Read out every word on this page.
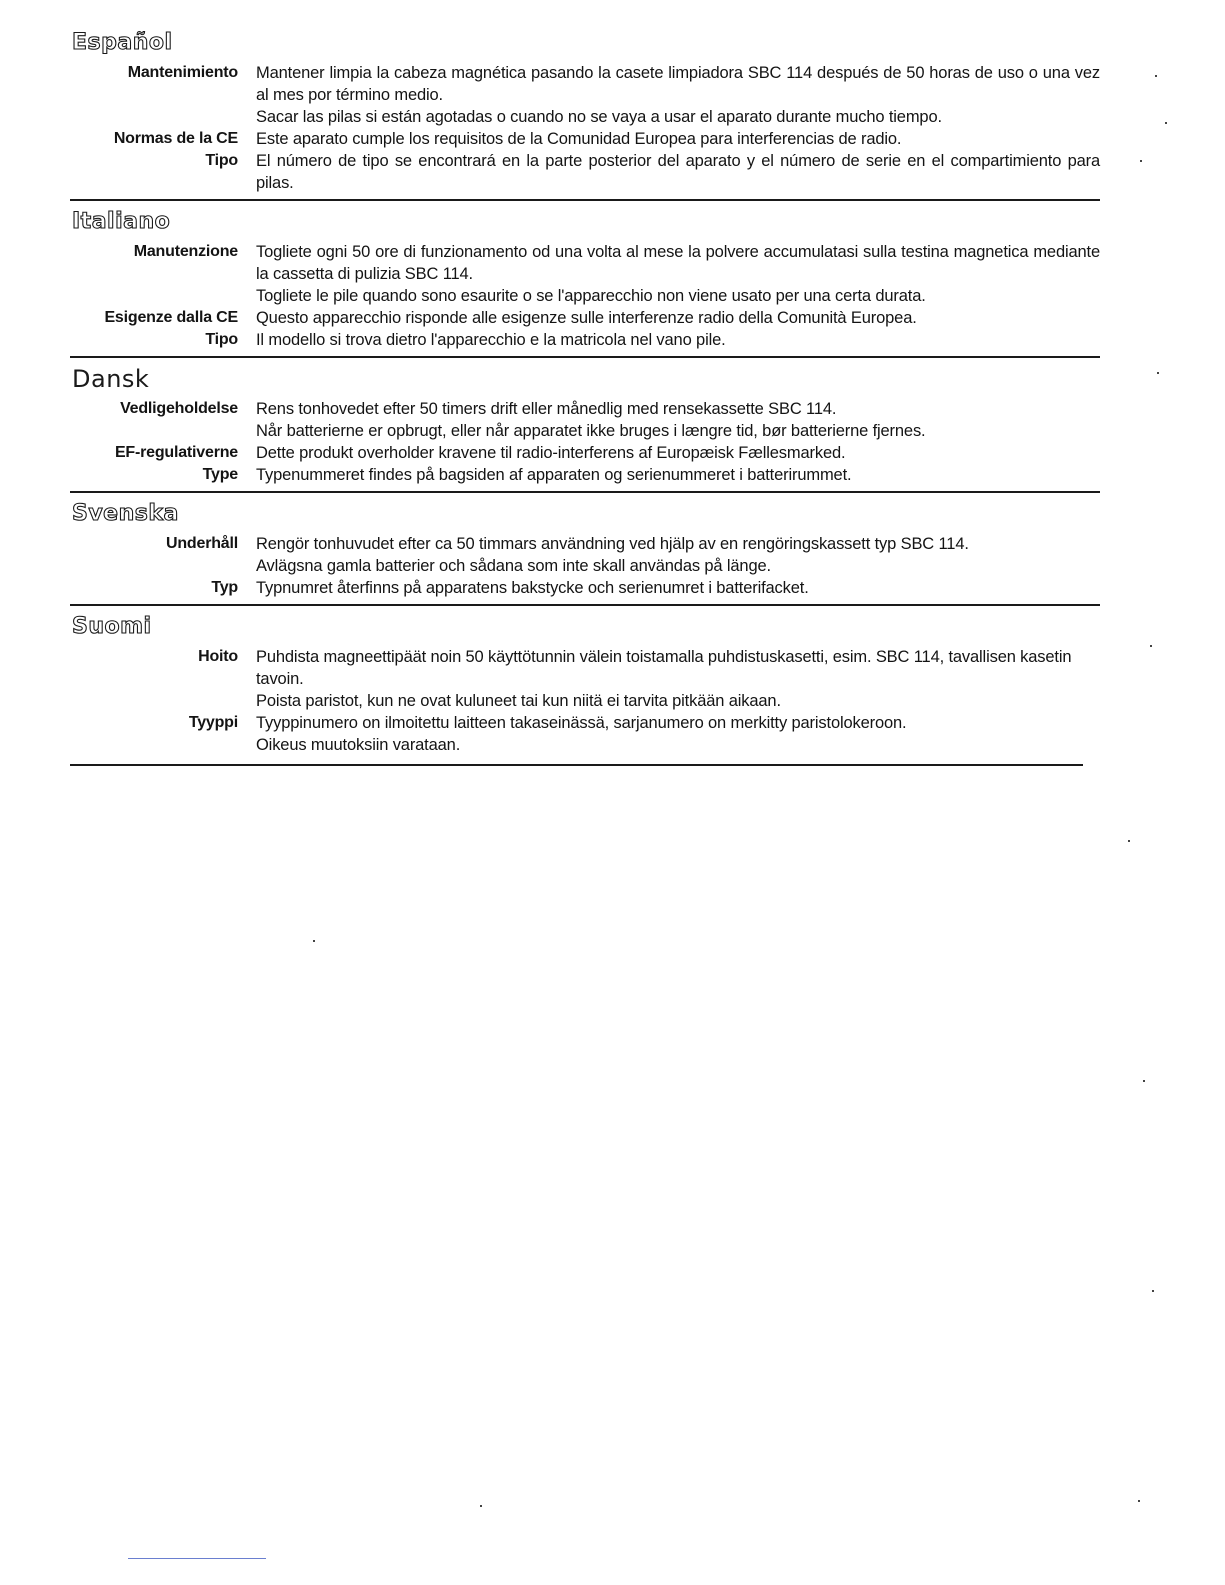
Español
Mantenimiento	Mantener limpia la cabeza magnética pasando la casete limpiadora SBC 114 después de 50 horas de uso o una vez al mes por término medio.

Sacar las pilas si están agotadas o cuando no se vaya a usar el aparato durante mucho tiempo.

Normas de la CE	Este aparato cumple los requisitos de la Comunidad Europea para interferencias de radio.

Tipo	El número de tipo se encontrará en la parte posterior del aparato y el número de serie en el compartimiento para pilas.

Italiano
Manutenzione	Togliete ogni 50 ore di funzionamento od una volta al mese la polvere accumulatasi sulla testina magnetica mediante la cassetta di pulizia SBC 114.

Togliete le pile quando sono esaurite o se l'apparecchio non viene usato per una certa durata.

Esigenze dalla CE	Questo apparecchio risponde alle esigenze sulle interferenze radio della Comunità Europea.

Tipo	Il modello si trova dietro l'apparecchio e la matricola nel vano pile.

Dansk
Vedligeholdelse	Rens tonhovedet efter 50 timers drift eller månedlig med rensekassette SBC 114.

Når batterierne er opbrugt, eller når apparatet ikke bruges i længre tid, bør batterierne fjernes.

EF-regulativerne	Dette produkt overholder kravene til radio-interferens af Europæisk Fællesmarked.

Type	Typenummeret findes på bagsiden af apparaten og serienummeret i batterirummet.

Svenska
Underhåll	Rengör tonhuvudet efter ca 50 timmars användning ved hjälp av en rengöringskassett typ SBC 114.

Avlägsna gamla batterier och sådana som inte skall användas på länge.

Typ	Typnumret återfinns på apparatens bakstycke och serienumret i batterifacket.

Suomi
Hoito	Puhdista magneettipäät noin 50 käyttötunnin välein toistamalla puhdistuskasetti, esim. SBC 114, tavallisen kasetin tavoin.

Poista paristot, kun ne ovat kuluneet tai kun niitä ei tarvita pitkään aikaan.

Tyyppi	Tyyppinumero on ilmoitettu laitteen takaseinässä, sarjanumero on merkitty paristolokeroon.

Oikeus muutoksiin varataan.
